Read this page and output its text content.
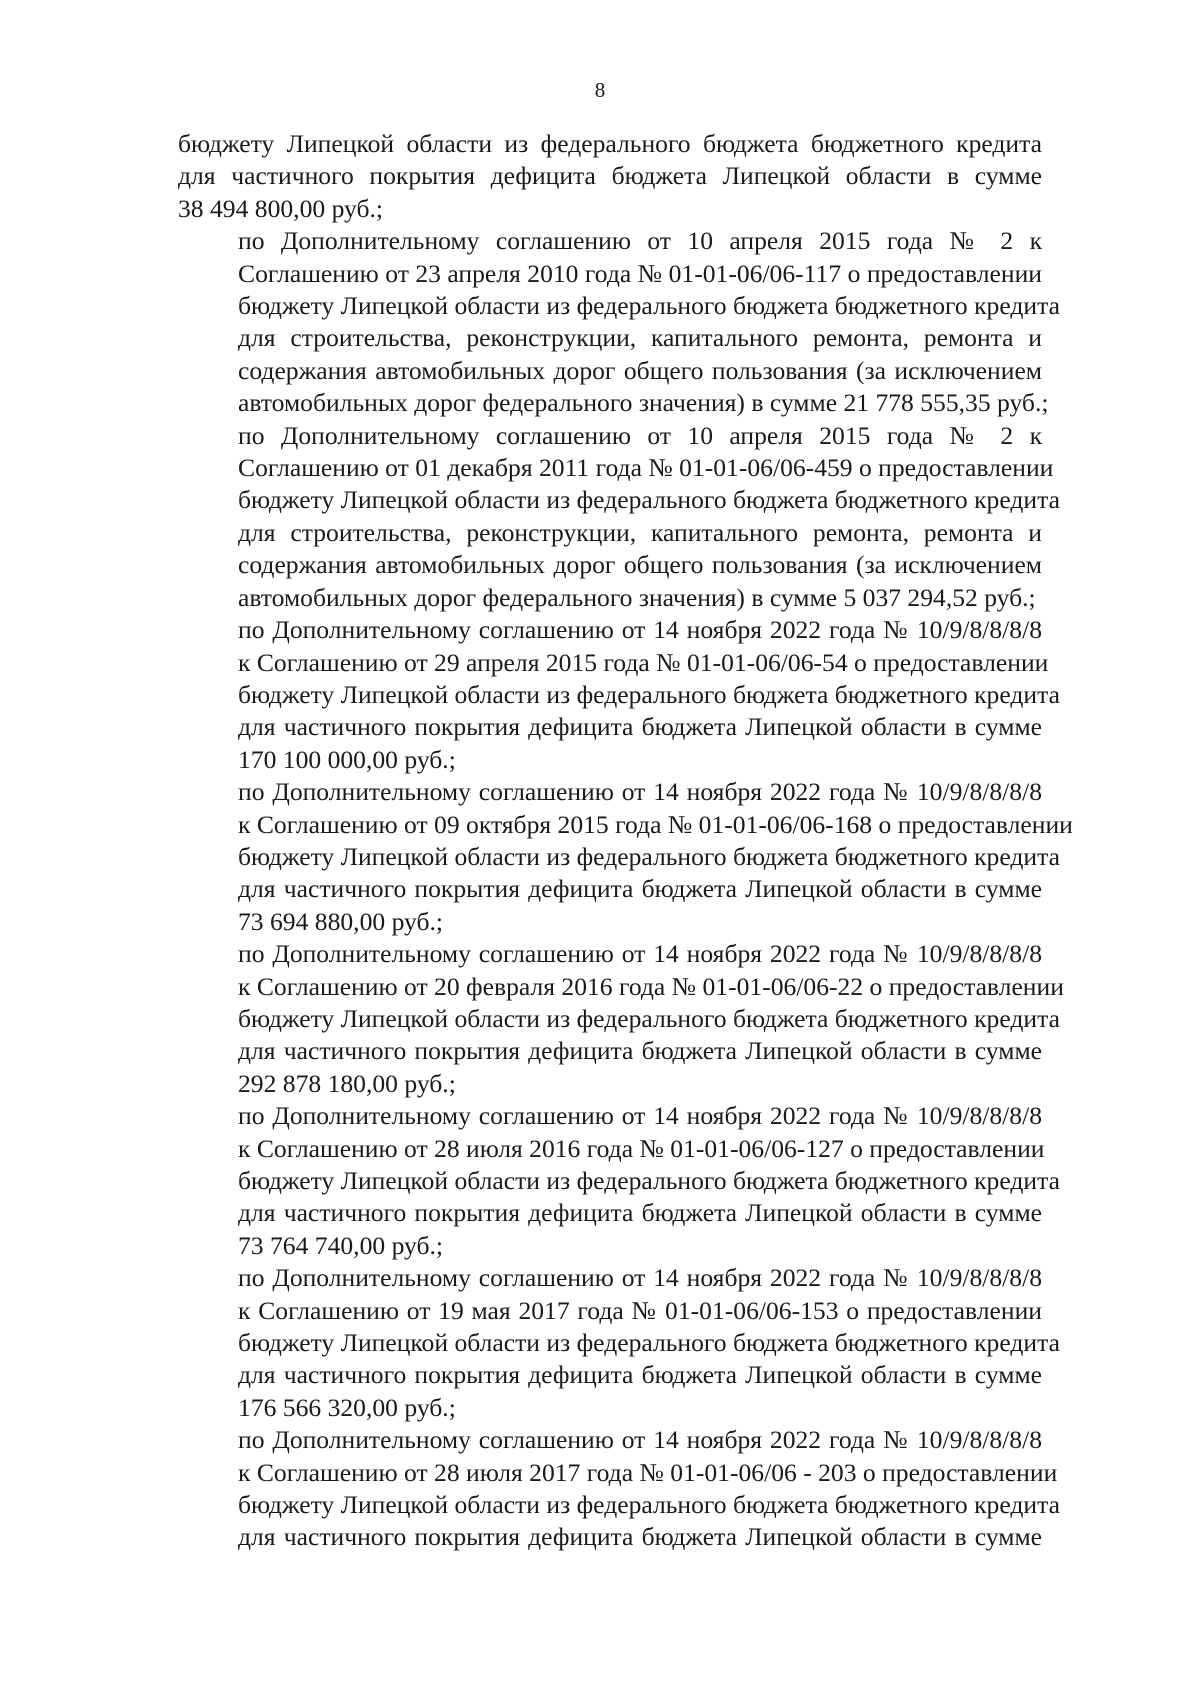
8
бюджету Липецкой области из федерального бюджета бюджетного кредита
для частичного покрытия дефицита бюджета Липецкой области в сумме
38 494 800,00 руб.;
по Дополнительному соглашению от 10 апреля 2015 года № 2 к
Соглашению от 23 апреля 2010 года № 01-01-06/06-117 о предоставлении
бюджету Липецкой области из федерального бюджета бюджетного кредита
для строительства, реконструкции, капитального ремонта, ремонта и
содержания автомобильных дорог общего пользования (за исключением
автомобильных дорог федерального значения) в сумме 21 778 555,35 руб.;
по Дополнительному соглашению от 10 апреля 2015 года № 2 к
Соглашению от 01 декабря 2011 года № 01-01-06/06-459 о предоставлении
бюджету Липецкой области из федерального бюджета бюджетного кредита
для строительства, реконструкции, капитального ремонта, ремонта и
содержания автомобильных дорог общего пользования (за исключением
автомобильных дорог федерального значения) в сумме 5 037 294,52 руб.;
по Дополнительному соглашению от 14 ноября 2022 года № 10/9/8/8/8/8
к Соглашению от 29 апреля 2015 года № 01-01-06/06-54 о предоставлении
бюджету Липецкой области из федерального бюджета бюджетного кредита
для частичного покрытия дефицита бюджета Липецкой области в сумме
170 100 000,00 руб.;
по Дополнительному соглашению от 14 ноября 2022 года № 10/9/8/8/8/8
к Соглашению от 09 октября 2015 года № 01-01-06/06-168 о предоставлении
бюджету Липецкой области из федерального бюджета бюджетного кредита
для частичного покрытия дефицита бюджета Липецкой области в сумме
73 694 880,00 руб.;
по Дополнительному соглашению от 14 ноября 2022 года № 10/9/8/8/8/8
к Соглашению от 20 февраля 2016 года № 01-01-06/06-22 о предоставлении
бюджету Липецкой области из федерального бюджета бюджетного кредита
для частичного покрытия дефицита бюджета Липецкой области в сумме
292 878 180,00 руб.;
по Дополнительному соглашению от 14 ноября 2022 года № 10/9/8/8/8/8
к Соглашению от 28 июля 2016 года № 01-01-06/06-127 о предоставлении
бюджету Липецкой области из федерального бюджета бюджетного кредита
для частичного покрытия дефицита бюджета Липецкой области в сумме
73 764 740,00 руб.;
по Дополнительному соглашению от 14 ноября 2022 года № 10/9/8/8/8/8
к Соглашению от 19 мая 2017 года № 01-01-06/06-153 о предоставлении
бюджету Липецкой области из федерального бюджета бюджетного кредита
для частичного покрытия дефицита бюджета Липецкой области в сумме
176 566 320,00 руб.;
по Дополнительному соглашению от 14 ноября 2022 года № 10/9/8/8/8/8
к Соглашению от 28 июля 2017 года № 01-01-06/06 - 203 о предоставлении
бюджету Липецкой области из федерального бюджета бюджетного кредита
для частичного покрытия дефицита бюджета Липецкой области в сумме
